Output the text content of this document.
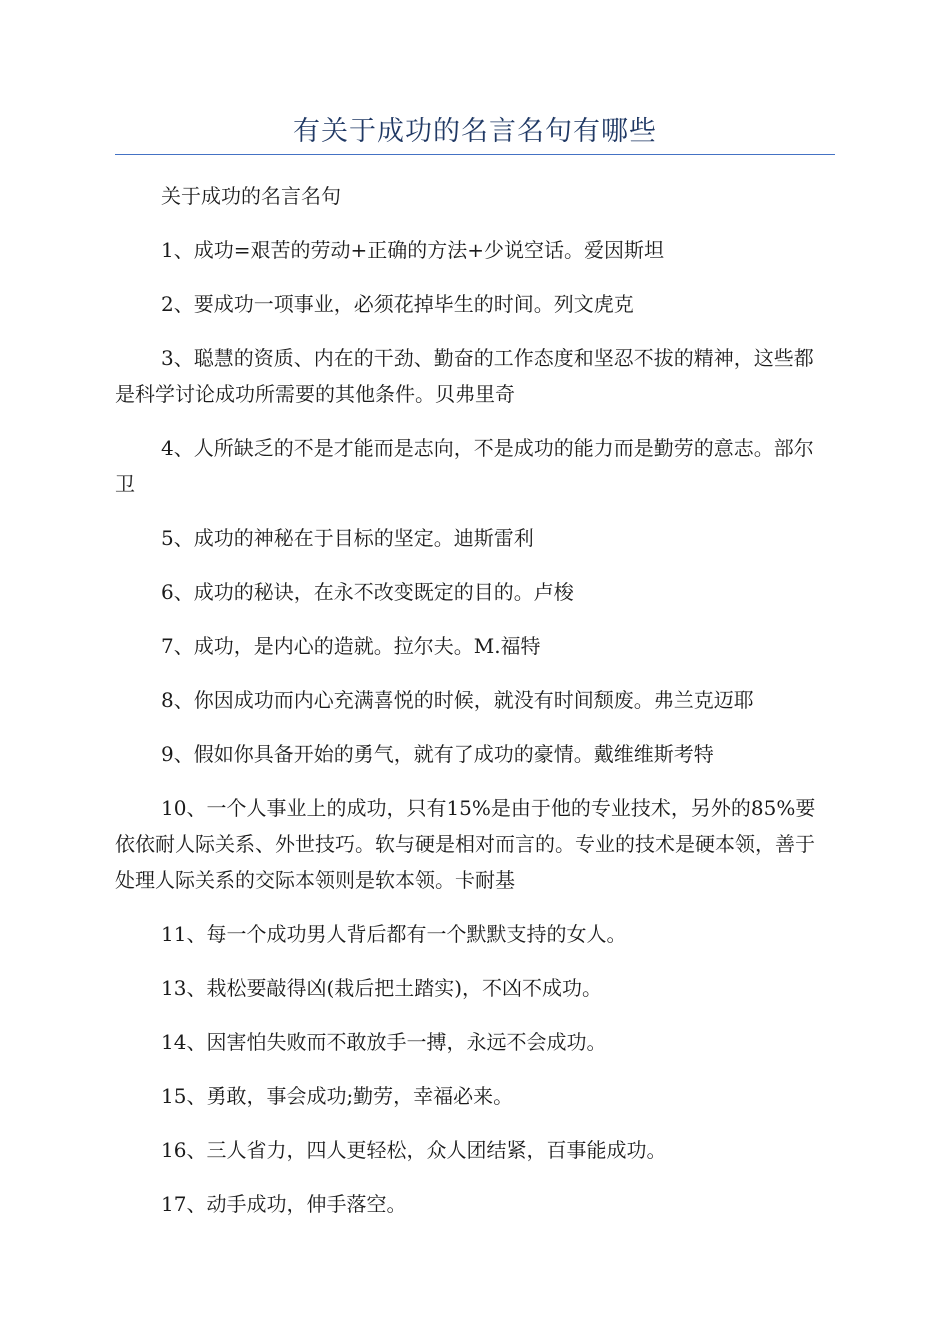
有关于成功的名言名句有哪些

关于成功的名言名句

1、成功=艰苦的劳动+正确的方法+少说空话。爱因斯坦

2、要成功一项事业，必须花掉毕生的时间。列文虎克

3、聪慧的资质、内在的干劲、勤奋的工作态度和坚忍不拔的精神，这些都是科学讨论成功所需要的其他条件。贝弗里奇

4、人所缺乏的不是才能而是志向，不是成功的能力而是勤劳的意志。部尔卫

5、成功的神秘在于目标的坚定。迪斯雷利

6、成功的秘诀，在永不改变既定的目的。卢梭

7、成功，是内心的造就。拉尔夫。M.福特

8、你因成功而内心充满喜悦的时候，就没有时间颓废。弗兰克迈耶

9、假如你具备开始的勇气，就有了成功的豪情。戴维维斯考特

10、一个人事业上的成功，只有15%是由于他的专业技术，另外的85%要依依耐人际关系、外世技巧。软与硬是相对而言的。专业的技术是硬本领，善于处理人际关系的交际本领则是软本领。卡耐基

11、每一个成功男人背后都有一个默默支持的女人。

13、栽松要敲得凶(栽后把土踏实)，不凶不成功。

14、因害怕失败而不敢放手一搏，永远不会成功。

15、勇敢，事会成功;勤劳，幸福必来。

16、三人省力，四人更轻松，众人团结紧，百事能成功。

17、动手成功，伸手落空。
